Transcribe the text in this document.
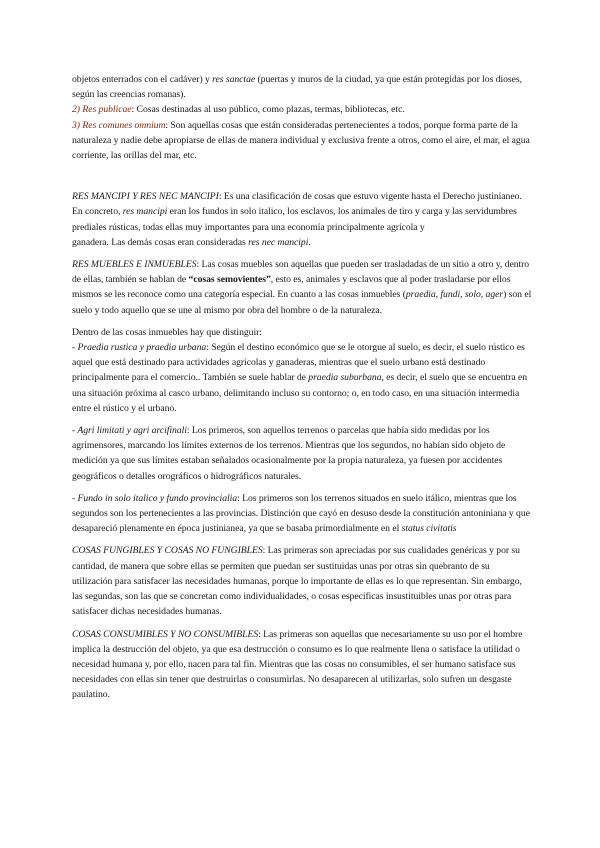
objetos enterrados con el cadáver) y res sanctae (puertas y muros de la ciudad, ya que están protegidas por los dioses, según las creencias romanas).

2) Res publicae: Cosas destinadas al uso público, como plazas, termas, bibliotecas, etc.

3) Res comunes omnium: Son aquellas cosas que están consideradas pertenecientes a todos, porque forma parte de la naturaleza y nadie debe apropiarse de ellas de manera individual y exclusiva frente a otros, como el aire, el mar, el agua corriente, las orillas del mar, etc.

RES MANCIPI Y RES NEC MANCIPI: Es una clasificación de cosas que estuvo vigente hasta el Derecho justinianeo. En concreto, res mancipi eran los fundos in solo italico, los esclavos, los animales de tiro y carga y las servidumbres prediales rústicas, todas ellas muy importantes para una economía principalmente agrícola y

ganadera. Las demás cosas eran consideradas res nec mancipi.

RES MUEBLES E INMUEBLES: Las cosas muebles son aquellas que pueden ser trasladadas de un sitio a otro y, dentro de ellas, también se hablan de “cosas semovientes”, esto es, animales y esclavos que al poder trasladarse por ellos mismos se les reconoce como una categoría especial. En cuanto a las cosas inmuebles (praedia, fundi, solo, ager) son el suelo y todo aquello que se une al mismo por obra del hombre o de la naturaleza.

Dentro de las cosas inmuebles hay que distinguir:

- Praedia rustica y praedia urbana: Según el destino económico que se le otorgue al suelo, es decir, el suelo rústico es aquel que está destinado para actividades agrícolas y ganaderas, mientras que el suelo urbano está destinado principalmente para el comercio.. También se suele hablar de praedia suburbana, es decir, el suelo que se encuentra en una situación próxima al casco urbano, delimitando incluso su contorno; o, en todo caso, en una situación intermedia entre el rústico y el urbano.

- Agri limitati y agri arcifinali: Los primeros, son aquellos terrenos o parcelas que había sido medidas por los agrimensores, marcando los límites externos de los terrenos. Mientras que los segundos, no habían sido objeto de medición ya que sus límites estaban señalados ocasionalmente por la propia naturaleza, ya fuesen por accidentes geográficos o detalles orográficos o hidrográficos naturales.

- Fundo in solo italico y fundo provincialia: Los primeros son los terrenos situados en suelo itálico, mientras que los segundos son los pertenecientes a las provincias. Distinción que cayó en desuso desde la constitución antoniniana y que desapareció plenamente en época justinianea, ya que se basaba primordialmente en el status civitatis

COSAS FUNGIBLES Y COSAS NO FUNGIBLES: Las primeras son apreciadas por sus cualidades genéricas y por su cantidad, de manera que sobre ellas se permiten que puedan ser sustituidas unas por otras sin quebranto de su utilización para satisfacer las necesidades humanas, porque lo importante de ellas es lo que representan. Sin embargo, las segundas, son las que se concretan como individualidades, o cosas específicas insustituibles unas por otras para satisfacer dichas necesidades humanas.

COSAS CONSUMIBLES Y NO CONSUMIBLES: Las primeras son aquellas que necesariamente su uso por el hombre implica la destrucción del objeto, ya que esa destrucción o consumo es lo que realmente llena o satisface la utilidad o necesidad humana y, por ello, nacen para tal fin. Mientras que las cosas no consumibles, el ser humano satisface sus necesidades con ellas sin tener que destruirlas o consumirlas. No desaparecen al utilizarlas, solo sufren un desgaste paulatino.
